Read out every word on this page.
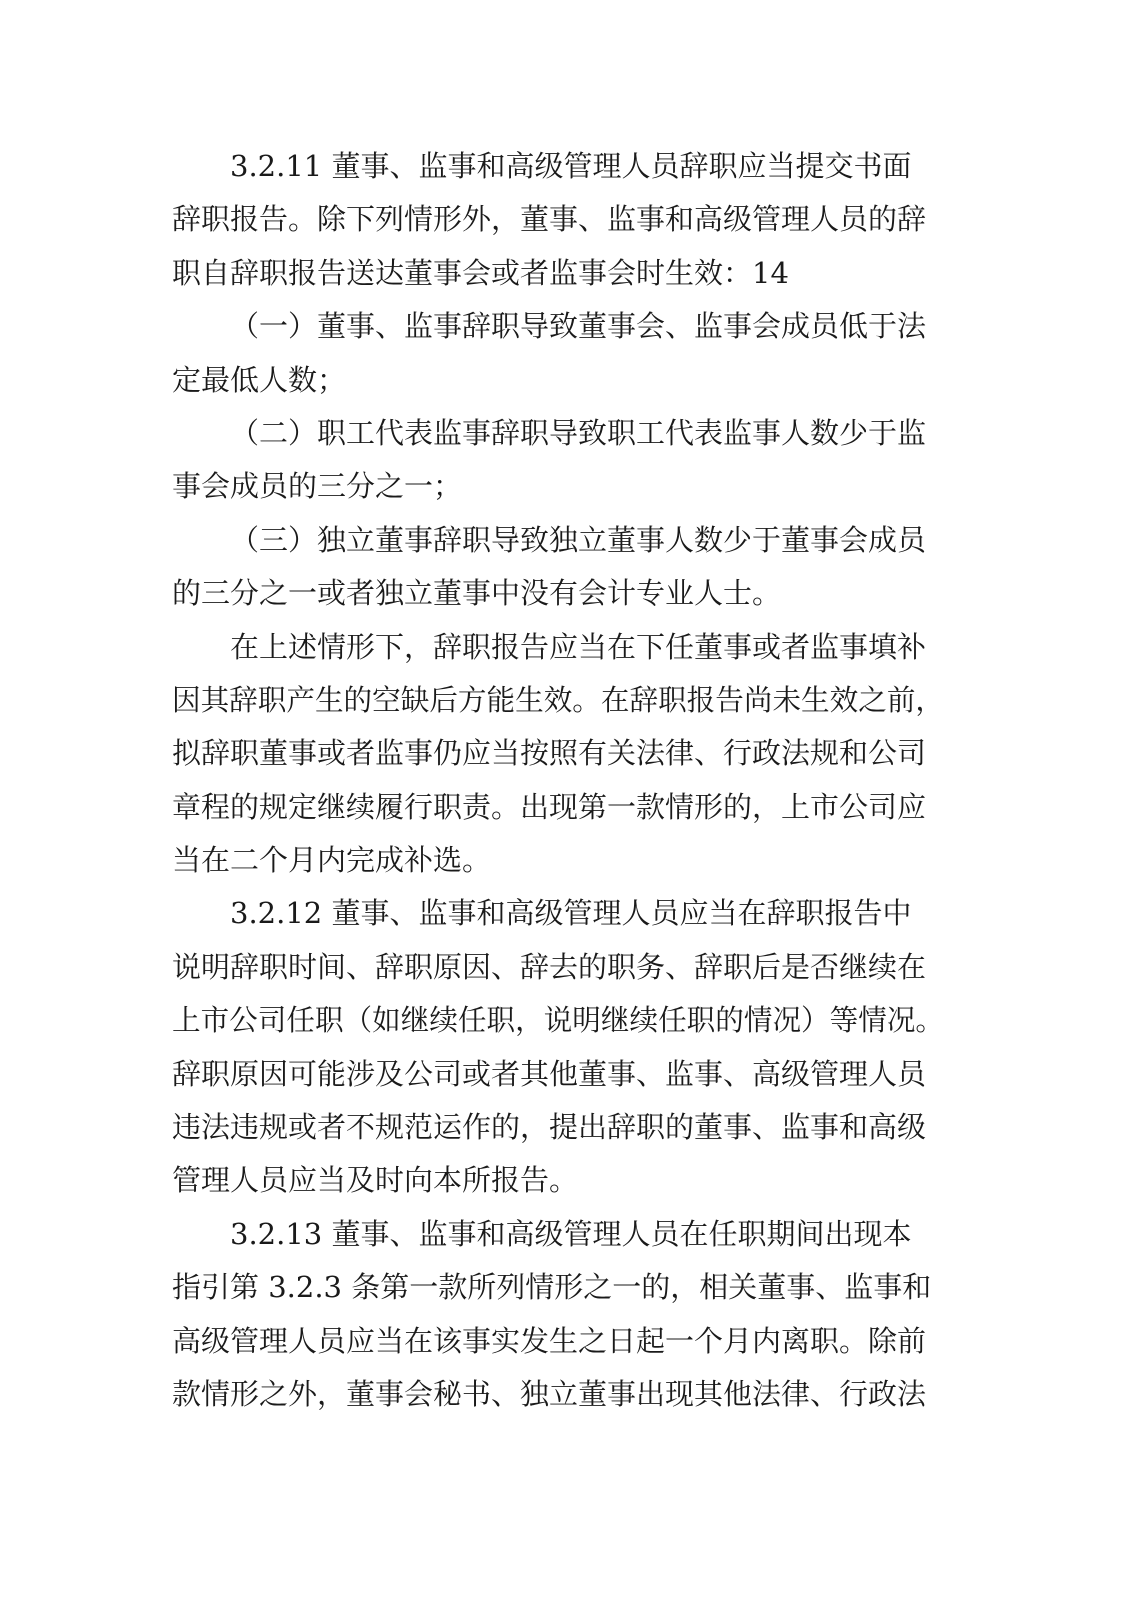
3.2.11 董事、监事和高级管理人员辞职应当提交书面
辞职报告。除下列情形外，董事、监事和高级管理人员的辞
职自辞职报告送达董事会或者监事会时生效：14
（一）董事、监事辞职导致董事会、监事会成员低于法
定最低人数；
（二）职工代表监事辞职导致职工代表监事人数少于监
事会成员的三分之一；
（三）独立董事辞职导致独立董事人数少于董事会成员
的三分之一或者独立董事中没有会计专业人士。
在上述情形下，辞职报告应当在下任董事或者监事填补
因其辞职产生的空缺后方能生效。在辞职报告尚未生效之前，
拟辞职董事或者监事仍应当按照有关法律、行政法规和公司
章程的规定继续履行职责。出现第一款情形的，上市公司应
当在二个月内完成补选。
3.2.12 董事、监事和高级管理人员应当在辞职报告中
说明辞职时间、辞职原因、辞去的职务、辞职后是否继续在
上市公司任职（如继续任职，说明继续任职的情况）等情况。
辞职原因可能涉及公司或者其他董事、监事、高级管理人员
违法违规或者不规范运作的，提出辞职的董事、监事和高级
管理人员应当及时向本所报告。
3.2.13 董事、监事和高级管理人员在任职期间出现本
指引第 3.2.3 条第一款所列情形之一的，相关董事、监事和
高级管理人员应当在该事实发生之日起一个月内离职。除前
款情形之外，董事会秘书、独立董事出现其他法律、行政法
